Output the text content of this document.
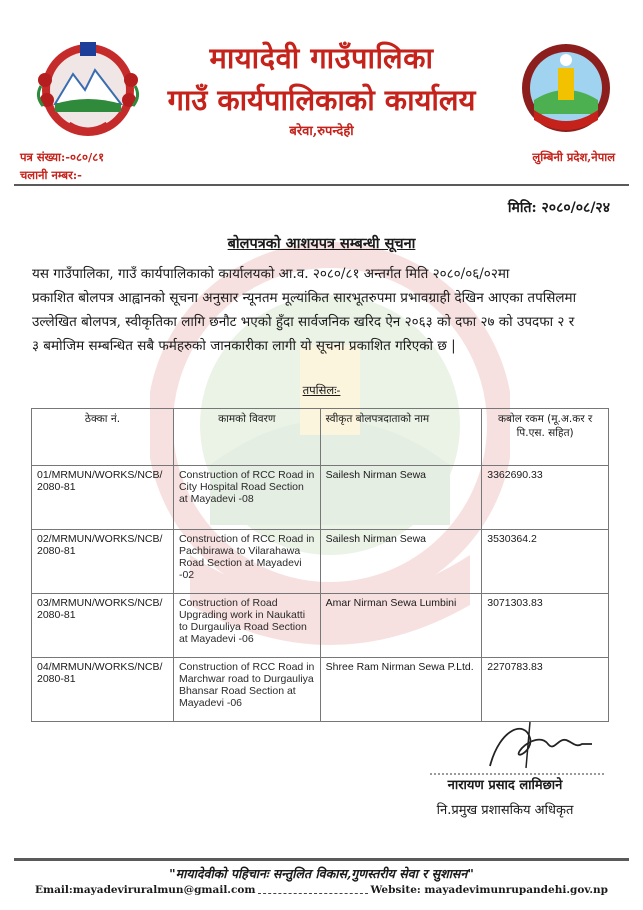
मायादेवी गाउँपालिका
गाउँ कार्यपालिकाको कार्यालय
बरेवा,रुपन्देही
पत्र संख्या:-०८०/८१
चलानी नम्बर:-
लुम्बिनी प्रदेश,नेपाल
मिति: २०८०/०८/२४
बोलपत्रको आशयपत्र सम्बन्धी सूचना
यस गाउँपालिका, गाउँ कार्यपालिकाको कार्यालयको आ.व. २०८०/८१ अन्तर्गत मिति २०८०/०६/०२मा
प्रकाशित बोलपत्र आह्वानको सूचना अनुसार न्यूनतम मूल्यांकित सारभूतरुपमा प्रभावग्राही देखिन आएका तपसिलमा
उल्लेखित बोलपत्र, स्वीकृतिका लागि छनौट भएको हुँदा सार्वजनिक खरिद ऐन २०६३ को दफा २७ को उपदफा २ र
३ बमोजिम सम्बन्धित सबै फर्महरुको जानकारीका लागी यो सूचना प्रकाशित गरिएको छ |
तपसिलः-
ठेक्का नं.	कामको विवरण	स्वीकृत बोलपत्रदाताको नाम	कबोल रकम (मू.अ.कर र पि.एस. सहित)
01/MRMUN/WORKS/NCB/
2080-81	Construction of RCC Road in City Hospital Road Section at Mayadevi -08	Sailesh Nirman Sewa	3362690.33
02/MRMUN/WORKS/NCB/
2080-81	Construction of RCC Road in Pachbirawa to Vilarahawa Road Section at Mayadevi -02	Sailesh Nirman Sewa	3530364.2
03/MRMUN/WORKS/NCB/
2080-81	Construction of Road Upgrading work in Naukatti to Durgauliya Road Section at Mayadevi -06	Amar Nirman Sewa Lumbini	3071303.83
04/MRMUN/WORKS/NCB/
2080-81	Construction of RCC Road in Marchwar road to Durgauliya Bhansar Road Section at Mayadevi -06	Shree Ram Nirman Sewa P.Ltd.	2270783.83
नारायण प्रसाद लामिछाने
नि.प्रमुख प्रशासकिय अधिकृत
"मायादेवीको पहिचानः सन्तुलित विकास,गुणस्तरीय सेवा र सुशासन"
Email:mayadeviruralmun@gmail.com	Website: mayadevimunrupandehi.gov.np
